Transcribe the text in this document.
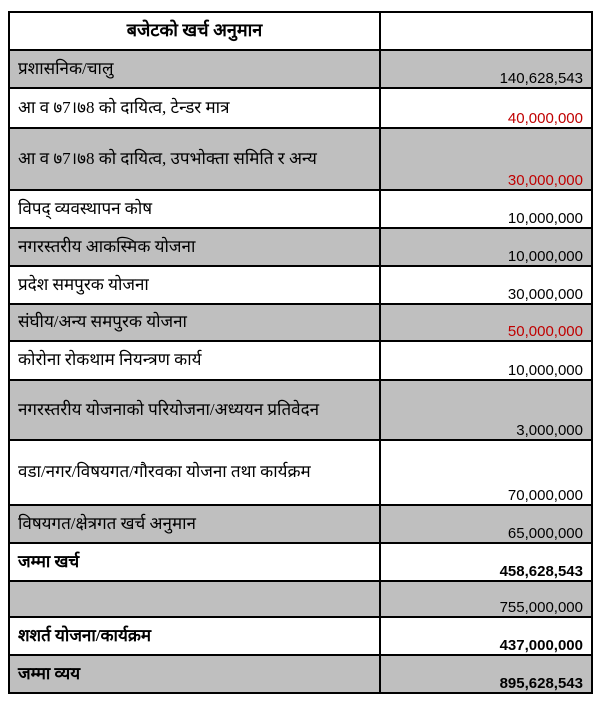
बजेटको खर्च अनुमान	
प्रशासनिक/चालु	140,628,543
आ व ७7।७8 को दायित्व, टेन्डर मात्र	40,000,000
आ व ७7।७8 को दायित्व, उपभोक्ता समिति र अन्य	30,000,000
विपद् व्यवस्थापन कोष	10,000,000
नगरस्तरीय आकस्मिक योजना	10,000,000
प्रदेश समपुरक योजना	30,000,000
संघीय/अन्य समपुरक योजना	50,000,000
कोरोना रोकथाम नियन्त्रण कार्य	10,000,000
नगरस्तरीय योजनाको परियोजना/अध्ययन प्रतिवेदन	3,000,000
वडा/नगर/विषयगत/गौरवका योजना तथा कार्यक्रम	70,000,000
विषयगत/क्षेत्रगत खर्च अनुमान	65,000,000
जम्मा खर्च	458,628,543
	755,000,000
शशर्त योजना/कार्यक्रम	437,000,000
जम्मा व्यय	895,628,543
